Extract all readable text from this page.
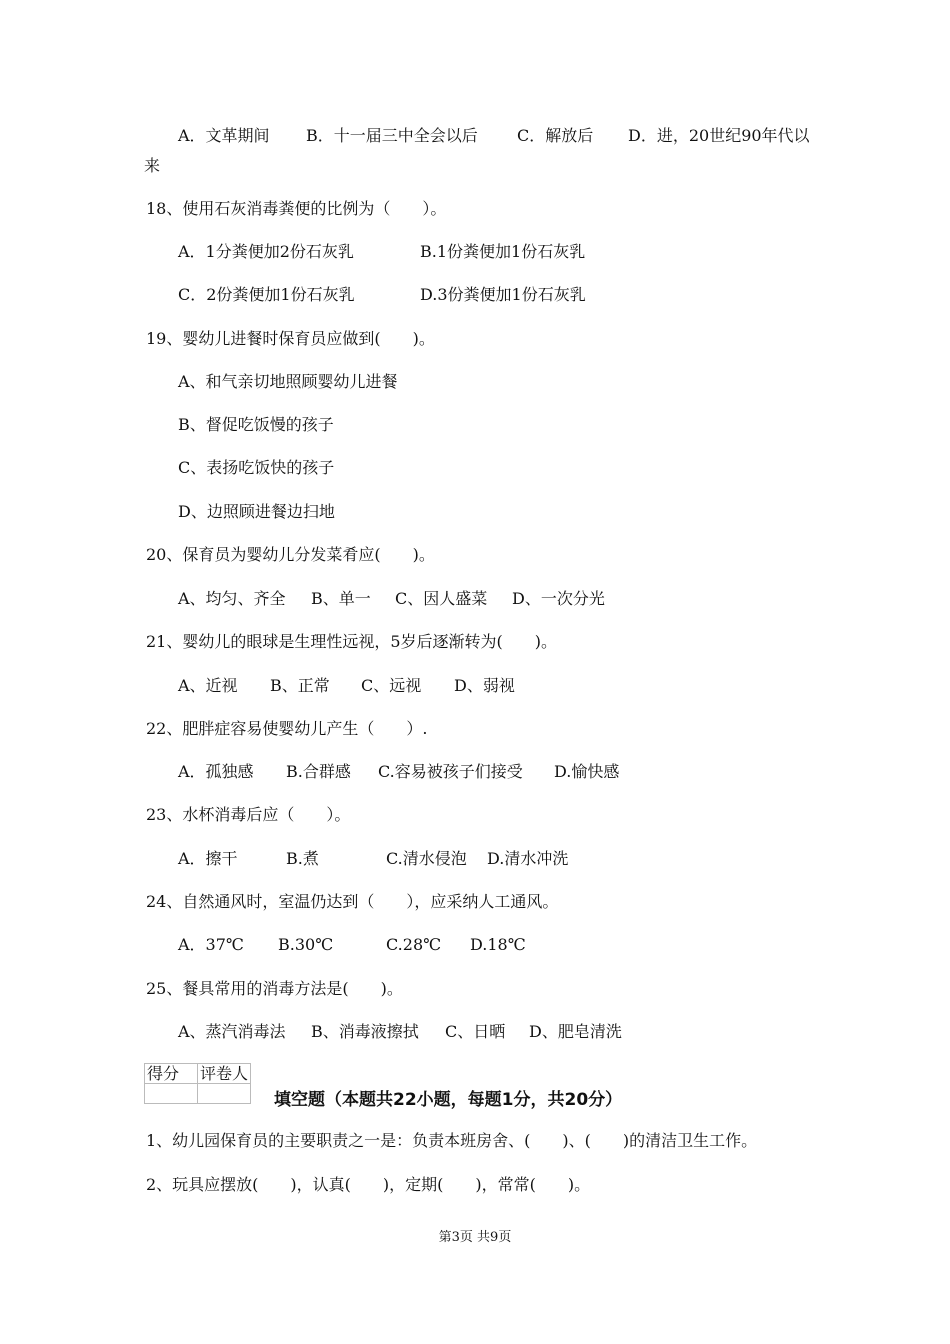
A．文革期间 B．十一届三中全会以后 C．解放后 D．进，20世纪90年代以
来
18、使用石灰消毒粪便的比例为（　　）。
A．1分粪便加2份石灰乳	B.1份粪便加1份石灰乳
C．2份粪便加1份石灰乳	D.3份粪便加1份石灰乳
19、婴幼儿进餐时保育员应做到(　　)。
A、和气亲切地照顾婴幼儿进餐
B、督促吃饭慢的孩子
C、表扬吃饭快的孩子
D、边照顾进餐边扫地
20、保育员为婴幼儿分发菜肴应(　　)。
A、均匀、齐全 B、单一 C、因人盛菜 D、一次分光
21、婴幼儿的眼球是生理性远视，5岁后逐渐转为(　　)。
A、近视 B、正常 C、远视 D、弱视
22、肥胖症容易使婴幼儿产生（　　）.
A．孤独感 B.合群感 C.容易被孩子们接受 D.愉快感
23、水杯消毒后应（　　）。
A．擦干	B.煮	C.清水侵泡 D.清水冲洗
24、自然通风时，室温仍达到（　　），应采纳人工通风。
A．37℃ B.30℃	C.28℃ D.18℃
25、餐具常用的消毒方法是(　　)。
A、蒸汽消毒法 B、消毒液擦拭 C、日晒 D、肥皂清洗
得分	评卷人

填空题（本题共22小题，每题1分，共20分）
1、幼儿园保育员的主要职责之一是：负责本班房舍、(　　)、(　　)的清洁卫生工作。
2、玩具应摆放(　　)，认真(　　)，定期(　　)，常常(　　)。
第3页 共9页
